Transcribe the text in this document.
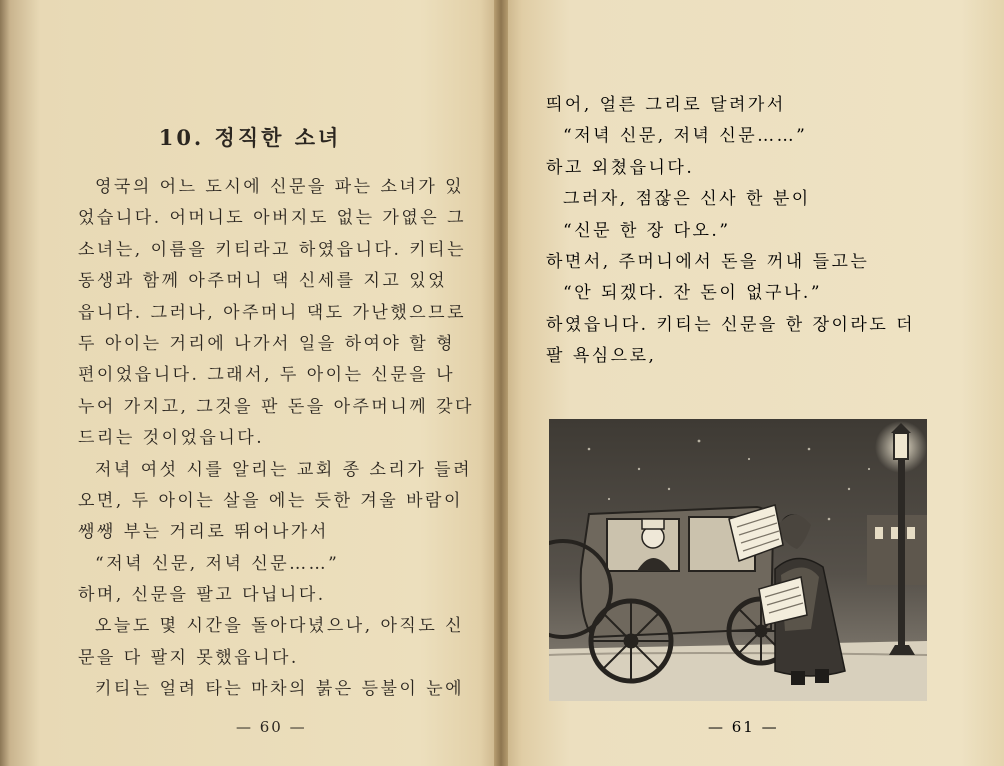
10. 정직한 소녀
영국의 어느 도시에 신문을 파는 소녀가 있
었습니다. 어머니도 아버지도 없는 가엾은 그
소녀는, 이름을 키티라고 하였읍니다. 키티는
동생과 함께 아주머니 댁 신세를 지고 있었
읍니다. 그러나, 아주머니 댁도 가난했으므로
두 아이는 거리에 나가서 일을 하여야 할 형
편이었읍니다. 그래서, 두 아이는 신문을 나
누어 가지고, 그것을 판 돈을 아주머니께 갖다
드리는 것이었읍니다.
저녁 여섯 시를 알리는 교회 종 소리가 들려
오면, 두 아이는 살을 에는 듯한 겨울 바람이
쌩쌩 부는 거리로 뛰어나가서
“저녁 신문, 저녁 신문……”
하며, 신문을 팔고 다닙니다.
오늘도 몇 시간을 돌아다녔으나, 아직도 신
문을 다 팔지 못했읍니다.
키티는 얼려 타는 마차의 붉은 등불이 눈에
— 60 —
띄어, 얼른 그리로 달려가서
“저녁 신문, 저녁 신문……”
하고 외쳤읍니다.
그러자, 점잖은 신사 한 분이
“신문 한 장 다오.”
하면서, 주머니에서 돈을 꺼내 들고는
“안 되겠다. 잔 돈이 없구나.”
하였읍니다. 키티는 신문을 한 장이라도 더
팔 욕심으로,
— 61 —
